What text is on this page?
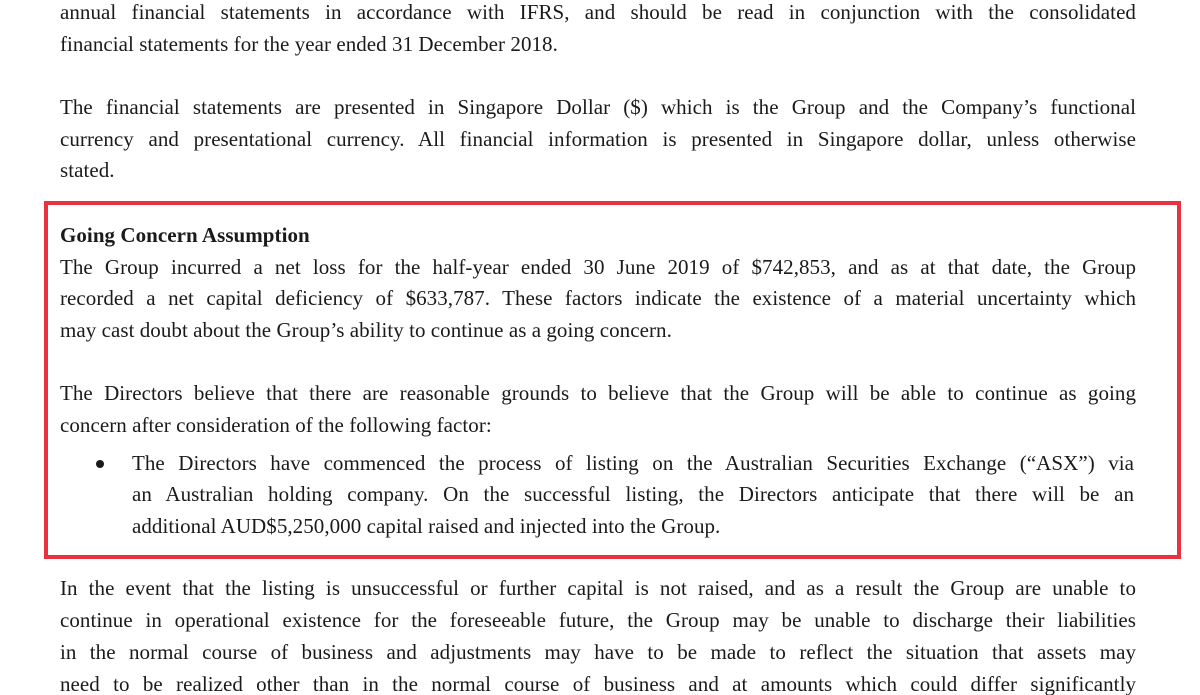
annual financial statements in accordance with IFRS, and should be read in conjunction with the consolidated
financial statements for the year ended 31 December 2018.
The financial statements are presented in Singapore Dollar ($) which is the Group and the Company’s functional
currency and presentational currency. All financial information is presented in Singapore dollar, unless otherwise
stated.
Going Concern Assumption
The Group incurred a net loss for the half-year ended 30 June 2019 of $742,853, and as at that date, the Group
recorded a net capital deficiency of $633,787. These factors indicate the existence of a material uncertainty which
may cast doubt about the Group’s ability to continue as a going concern.
The Directors believe that there are reasonable grounds to believe that the Group will be able to continue as going
concern after consideration of the following factor:
The Directors have commenced the process of listing on the Australian Securities Exchange (“ASX”) via
an Australian holding company. On the successful listing, the Directors anticipate that there will be an
additional AUD$5,250,000 capital raised and injected into the Group.
In the event that the listing is unsuccessful or further capital is not raised, and as a result the Group are unable to
continue in operational existence for the foreseeable future, the Group may be unable to discharge their liabilities
in the normal course of business and adjustments may have to be made to reflect the situation that assets may
need to be realized other than in the normal course of business and at amounts which could differ significantly
